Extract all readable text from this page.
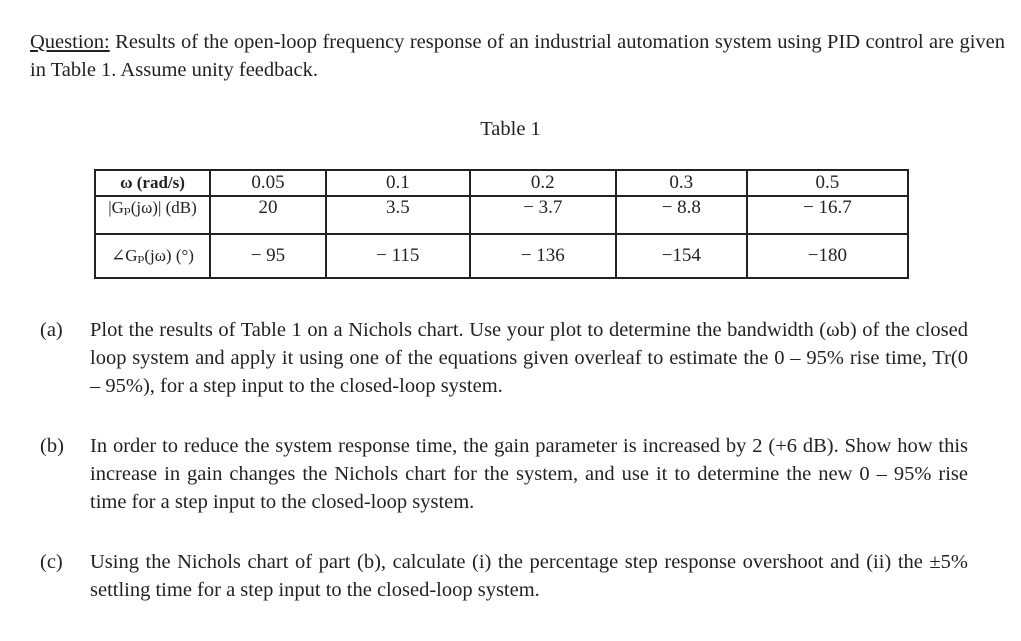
Question: Results of the open-loop frequency response of an industrial automation system using PID control are given in Table 1. Assume unity feedback.
Table 1
ω (rad/s)	0.05	0.1	0.2	0.3	0.5
|Gₚ(jω)| (dB)	20	3.5	− 3.7	− 8.8	− 16.7
∠Gₚ(jω) (°)	− 95	− 115	− 136	−154	−180
(a)	Plot the results of Table 1 on a Nichols chart. Use your plot to determine the bandwidth (ωb) of the closed loop system and apply it using one of the equations given overleaf to estimate the 0 – 95% rise time, Tr(0 – 95%), for a step input to the closed-loop system.
(b)	In order to reduce the system response time, the gain parameter is increased by 2 (+6 dB). Show how this increase in gain changes the Nichols chart for the system, and use it to determine the new 0 – 95% rise time for a step input to the closed-loop system.
(c)	Using the Nichols chart of part (b), calculate (i) the percentage step response overshoot and (ii) the ±5% settling time for a step input to the closed-loop system.
